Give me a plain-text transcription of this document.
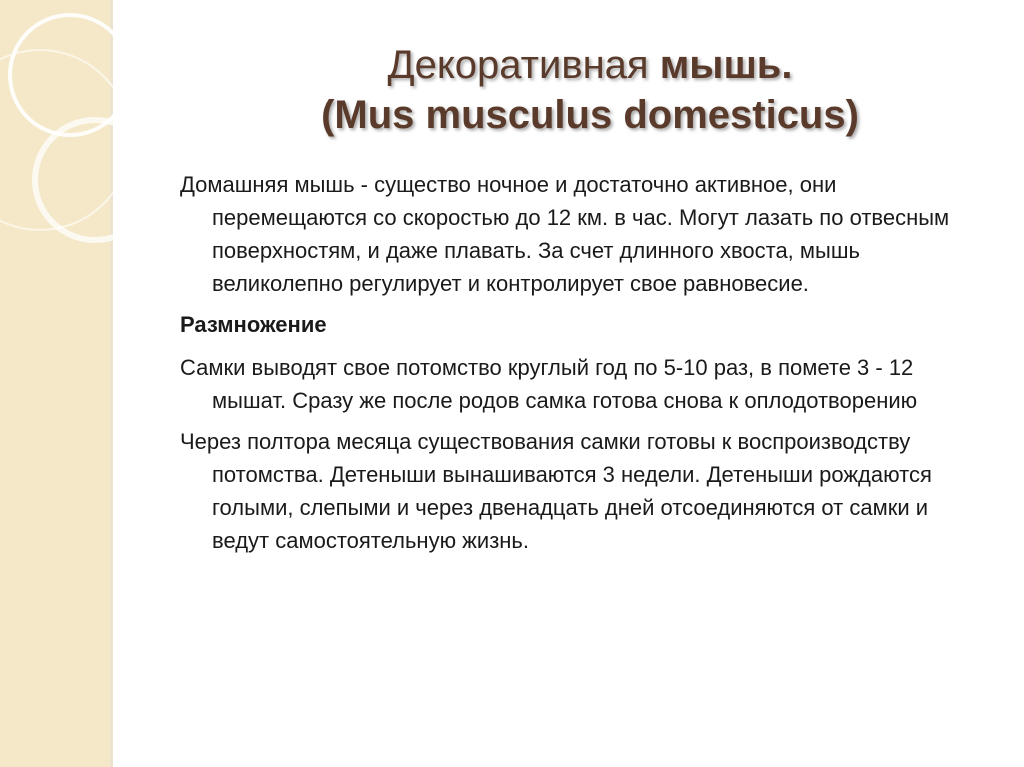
Декоративная мышь.
(Mus musculus domesticus)

Домашняя мышь - существо ночное и достаточно активное, они перемещаются со скоростью до 12 км. в час. Могут лазать по отвесным поверхностям, и даже плавать. За счет длинного хвоста, мышь великолепно регулирует и контролирует свое равновесие.

Размножение

Самки выводят свое потомство круглый год по 5-10 раз, в помете 3 - 12 мышат. Сразу же после родов самка готова снова к оплодотворению

Через полтора месяца существования самки готовы к воспроизводству потомства. Детеныши вынашиваются 3 недели. Детеныши рождаются голыми, слепыми и через двенадцать дней отсоединяются от самки и ведут самостоятельную жизнь.
